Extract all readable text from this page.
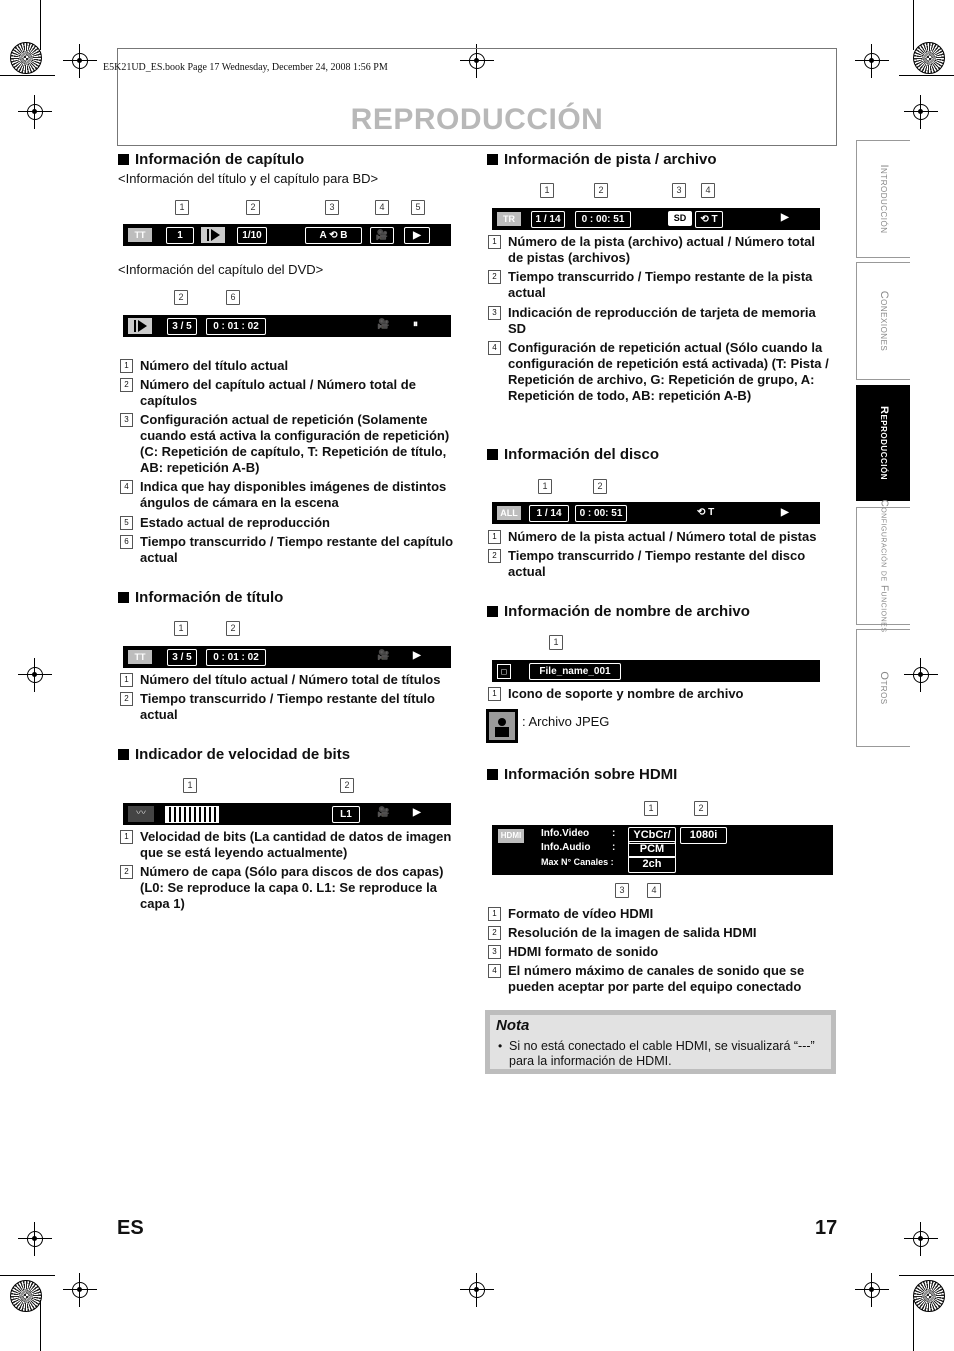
E5K21UD_ES.book Page 17 Wednesday, December 24, 2008 1:56 PM
REPRODUCCIÓN
Introducción
Conexiones
Reproducción
Configuración de Funciones
Otros
Información de capítulo
<Información del título y el capítulo para BD>
1	2	3	4	5
TT	1	1/10	A ⟲ B	🎥	▶
<Información del capítulo del DVD>
2	6
3 / 5	0 : 01 : 02	🎥 ⏸
1 Número del título actual
2 Número del capítulo actual / Número total de capítulos
3 Configuración actual de repetición (Solamente cuando está activa la configuración de repetición) (C: Repetición de capítulo, T: Repetición de título, AB: repetición A-B)
4 Indica que hay disponibles imágenes de distintos ángulos de cámara en la escena
5 Estado actual de reproducción
6 Tiempo transcurrido / Tiempo restante del capítulo actual
Información de título
1	2
TT	3 / 5	0 : 01 : 02	🎥 ▶
1 Número del título actual / Número total de títulos
2 Tiempo transcurrido / Tiempo restante del título actual
Indicador de velocidad de bits
1	2
〰	L1	🎥 ▶
1 Velocidad de bits (La cantidad de datos de imagen que se está leyendo actualmente)
2 Número de capa (Sólo para discos de dos capas) (L0: Se reproduce la capa 0. L1: Se reproduce la capa 1)
Información de pista / archivo
1	2	3	4
TR	1 / 14	0 : 00: 51	SD	⟲ T	▶
1 Número de la pista (archivo) actual / Número total de pistas (archivos)
2 Tiempo transcurrido / Tiempo restante de la pista actual
3 Indicación de reproducción de tarjeta de memoria SD
4 Configuración de repetición actual (Sólo cuando la configuración de repetición está activada) (T: Pista / Repetición de archivo, G: Repetición de grupo, A: Repetición de todo, AB: repetición A-B)
Información del disco
1	2
ALL	1 / 14	0 : 00: 51	⟲ T	▶
1 Número de la pista actual / Número total de pistas
2 Tiempo transcurrido / Tiempo restante del disco actual
Información de nombre de archivo
1
◻	File_name_001
1 Icono de soporte y nombre de archivo
: Archivo JPEG
Información sobre HDMI
1	2
HDMI Info.Video :	YCbCr/	1080i
Info.Audio :	PCM
Max N° Canales :	2ch
3	4
1 Formato de vídeo HDMI
2 Resolución de la imagen de salida HDMI
3 HDMI formato de sonido
4 El número máximo de canales de sonido que se pueden aceptar por parte del equipo conectado
Nota
• Si no está conectado el cable HDMI, se visualizará “---” para la información de HDMI.
ES	17
